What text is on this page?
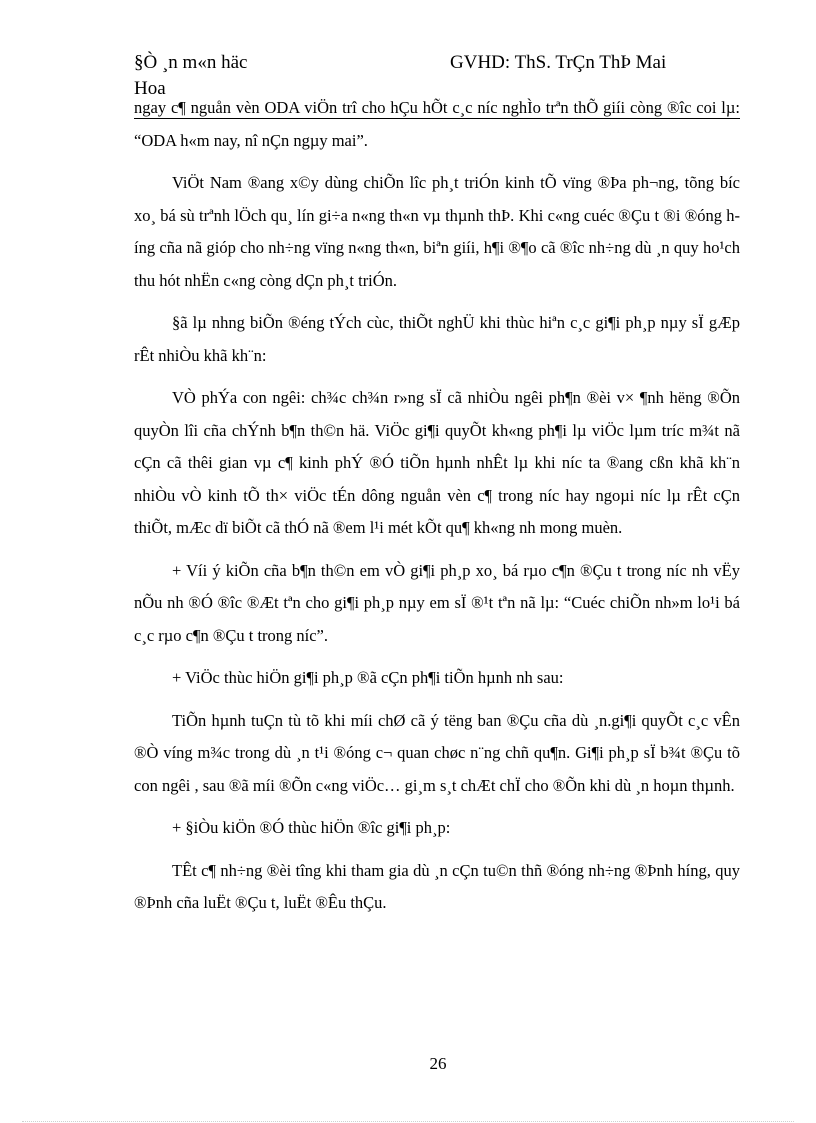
§Ò ¸n m«n häc	GVHD: ThS. TrÇn ThÞ Mai
Hoa

ngay c¶ nguån vèn ODA viÖn trî cho hÇu hÕt c¸c níc nghÌo trªn thÕ giíi còng ®îc coi lµ: “ODA h«m nay, nî nÇn ngµy mai”.

ViÖt Nam ®ang x©y dùng chiÕn lîc ph¸t triÓn kinh tÕ vïng ®Þa ph¬ng, tõng bíc xo¸ bá sù trªnh lÖch qu¸ lín gi÷a n«ng th«n vµ thµnh thÞ. Khi c«ng cuéc ®Çu t ®i ®óng híng cña nã gióp cho nh÷ng vïng n«ng th«n, biªn giíi, h¶i ®¶o cã ®îc nh÷ng dù ¸n quy ho¹ch thu hót nhËn c«ng còng dÇn ph¸t triÓn.

§ã lµ nhng biÕn ®éng tÝch cùc, thiÕt nghÜ khi thùc hiªn c¸c gi¶i ph¸p nµy sÏ gÆp rÊt nhiÒu khã kh¨n:

VÒ phÝa con ngêi: ch¾c ch¾n r»ng sÏ cã nhiÒu ngêi ph¶n ®èi v× ¶nh hëng ®Õn quyÒn lîi cña chÝnh b¶n th©n hä. ViÖc gi¶i quyÕt kh«ng ph¶i lµ viÖc lµm tríc m¾t nã cÇn cã thêi gian vµ c¶ kinh phÝ ®Ó tiÕn hµnh nhÊt lµ khi níc ta ®ang cßn khã kh¨n nhiÒu vÒ kinh tÕ th× viÖc tÉn dông nguån vèn c¶ trong níc hay ngoµi níc lµ rÊt cÇn thiÕt, mÆc dï biÕt cã thÓ nã ®em l¹i mét kÕt qu¶ kh«ng nh mong muèn.

+ Víi ý kiÕn cña b¶n th©n em vÒ gi¶i ph¸p xo¸ bá rµo c¶n ®Çu t trong níc nh vËy nÕu nh ®Ó ®îc ®Æt tªn cho gi¶i ph¸p nµy em sÏ ®¹t tªn nã lµ: “Cuéc chiÕn nh»m lo¹i bá c¸c rµo c¶n ®Çu t trong níc”.

+ ViÖc thùc hiÖn gi¶i ph¸p ®ã cÇn ph¶i tiÕn hµnh nh sau:

TiÕn hµnh tuÇn tù tõ khi míi chØ cã ý tëng ban ®Çu cña dù ¸n.gi¶i quyÕt c¸c vÊn ®Ò víng m¾c trong dù ¸n t¹i ®óng c¬ quan chøc n¨ng chñ qu¶n. Gi¶i ph¸p sÏ b¾t ®Çu tõ con ngêi , sau ®ã míi ®Õn c«ng viÖc… gi¸m s¸t chÆt chÏ cho ®Õn khi dù ¸n hoµn thµnh.

+ §iÒu kiÖn ®Ó thùc hiÖn ®îc gi¶i ph¸p:

TÊt c¶ nh÷ng ®èi tîng khi tham gia dù ¸n cÇn tu©n thñ ®óng nh÷ng ®Þnh híng, quy ®Þnh cña luËt ®Çu t, luËt ®Êu thÇu.

26
